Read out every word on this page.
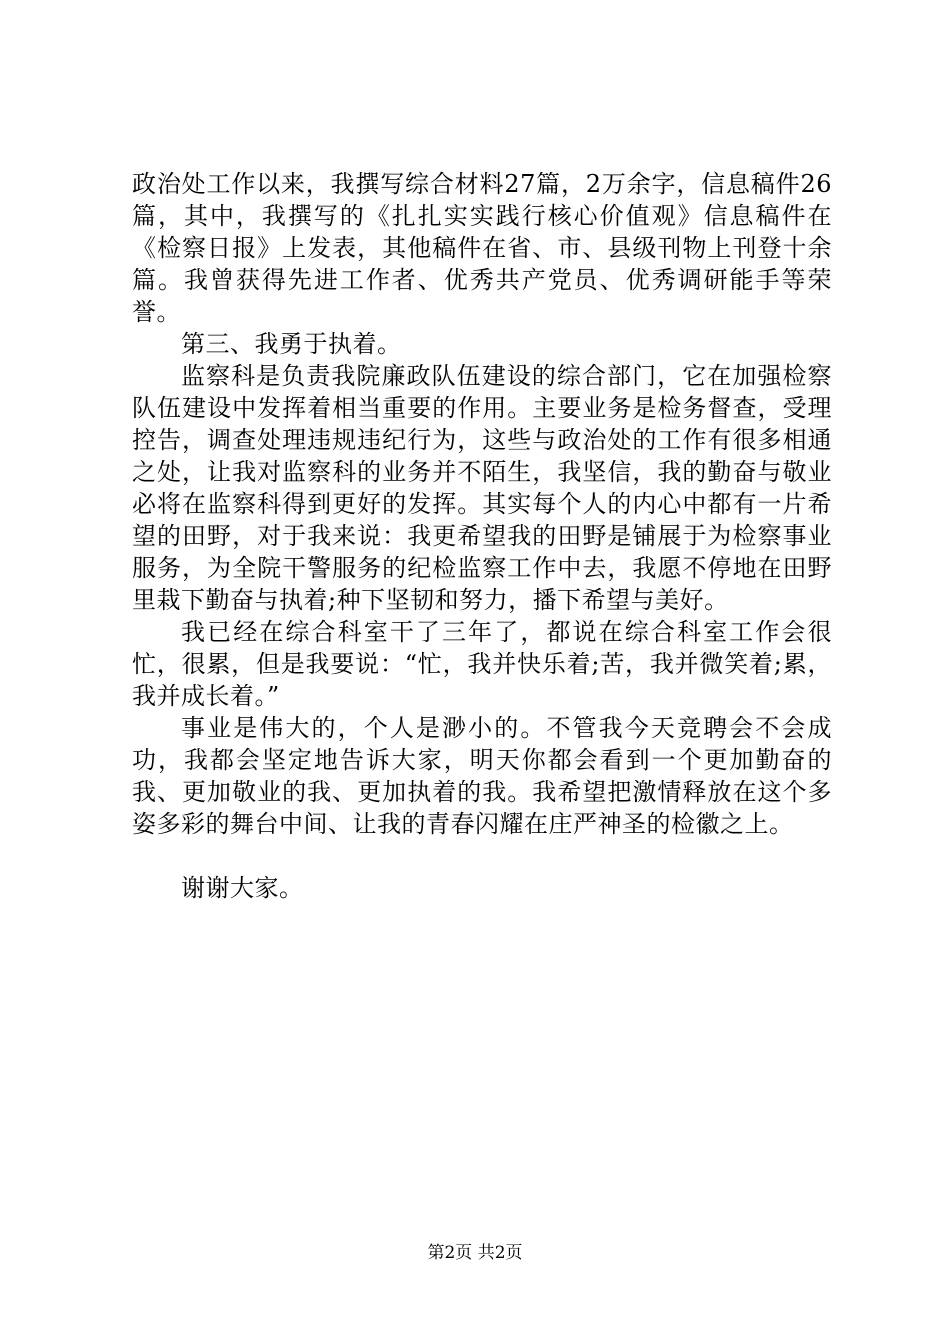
政治处工作以来，我撰写综合材料27篇，2万余字，信息稿件26篇，其中，我撰写的《扎扎实实践行核心价值观》信息稿件在《检察日报》上发表，其他稿件在省、市、县级刊物上刊登十余篇。我曾获得先进工作者、优秀共产党员、优秀调研能手等荣誉。

第三、我勇于执着。

监察科是负责我院廉政队伍建设的综合部门，它在加强检察队伍建设中发挥着相当重要的作用。主要业务是检务督查，受理控告，调查处理违规违纪行为，这些与政治处的工作有很多相通之处，让我对监察科的业务并不陌生，我坚信，我的勤奋与敬业必将在监察科得到更好的发挥。其实每个人的内心中都有一片希望的田野，对于我来说：我更希望我的田野是铺展于为检察事业服务，为全院干警服务的纪检监察工作中去，我愿不停地在田野里栽下勤奋与执着;种下坚韧和努力，播下希望与美好。

我已经在综合科室干了三年了，都说在综合科室工作会很忙，很累，但是我要说：“忙，我并快乐着;苦，我并微笑着;累，我并成长着。”

事业是伟大的，个人是渺小的。不管我今天竞聘会不会成功，我都会坚定地告诉大家，明天你都会看到一个更加勤奋的我、更加敬业的我、更加执着的我。我希望把激情释放在这个多姿多彩的舞台中间、让我的青春闪耀在庄严神圣的检徽之上。

谢谢大家。

第2页 共2页
